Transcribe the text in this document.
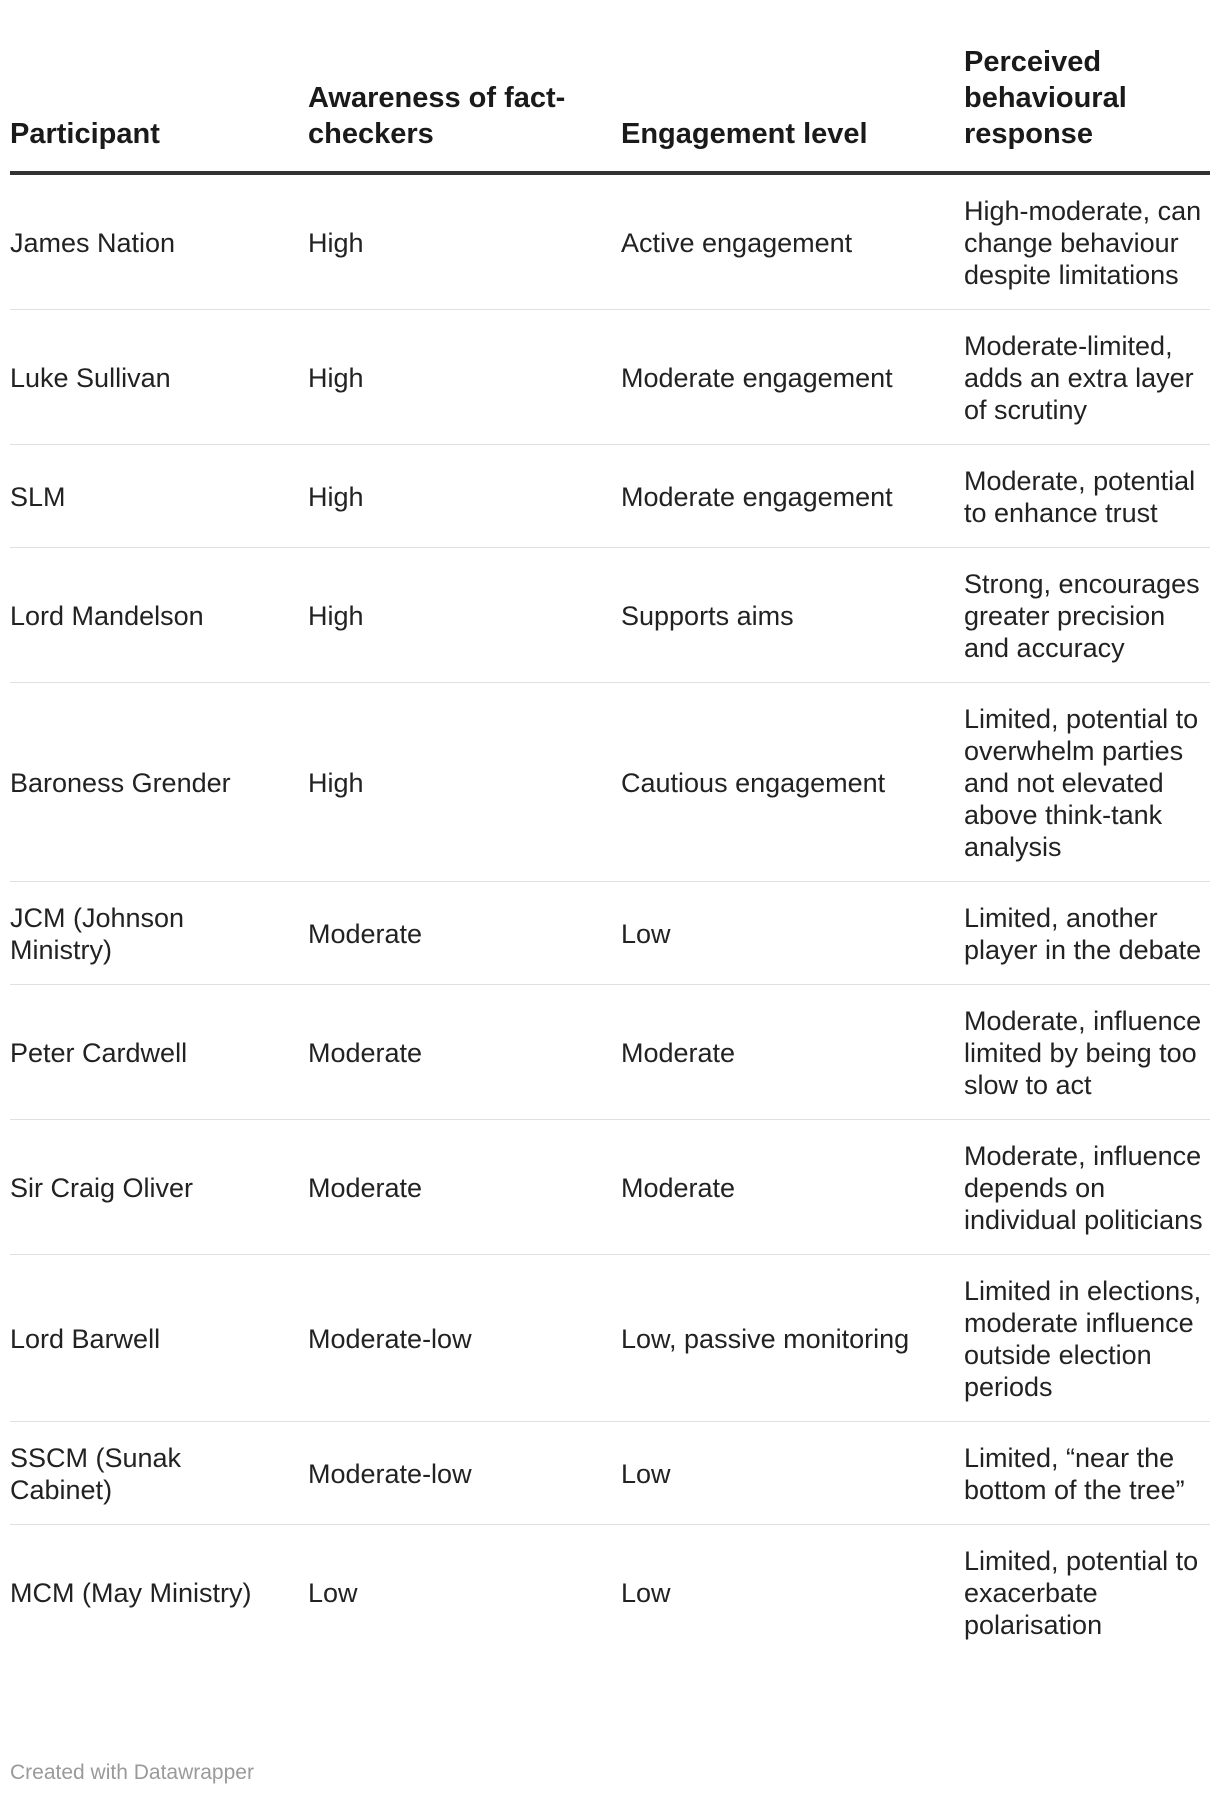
Participant	Awareness of fact-checkers	Engagement level	Perceived behavioural response
James Nation	High	Active engagement	High-moderate, can change behaviour despite limitations
Luke Sullivan	High	Moderate engagement	Moderate-limited, adds an extra layer of scrutiny
SLM	High	Moderate engagement	Moderate, potential to enhance trust
Lord Mandelson	High	Supports aims	Strong, encourages greater precision and accuracy
Baroness Grender	High	Cautious engagement	Limited, potential to overwhelm parties and not elevated above think-tank analysis
JCM (Johnson Ministry)	Moderate	Low	Limited, another player in the debate
Peter Cardwell	Moderate	Moderate	Moderate, influence limited by being too slow to act
Sir Craig Oliver	Moderate	Moderate	Moderate, influence depends on individual politicians
Lord Barwell	Moderate-low	Low, passive monitoring	Limited in elections, moderate influence outside election periods
SSCM (Sunak Cabinet)	Moderate-low	Low	Limited, “near the bottom of the tree”
MCM (May Ministry)	Low	Low	Limited, potential to exacerbate polarisation
Created with Datawrapper
